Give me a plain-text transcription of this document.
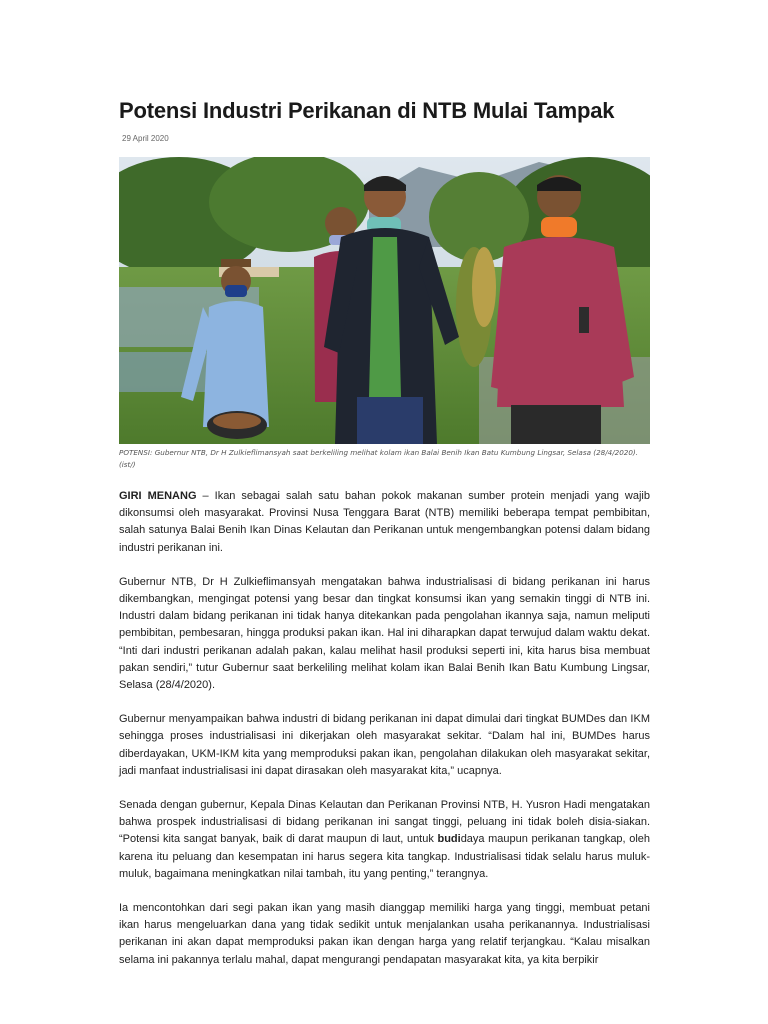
Potensi Industri Perikanan di NTB Mulai Tampak
29 April 2020
POTENSI: Gubernur NTB, Dr H Zulkieflimansyah saat berkeliling melihat kolam ikan Balai Benih Ikan Batu Kumbung Lingsar, Selasa (28/4/2020). (ist/)

GIRI MENANG – Ikan sebagai salah satu bahan pokok makanan sumber protein menjadi yang wajib dikonsumsi oleh masyarakat. Provinsi Nusa Tenggara Barat (NTB) memiliki beberapa tempat pembibitan, salah satunya Balai Benih Ikan Dinas Kelautan dan Perikanan untuk mengembangkan potensi dalam bidang industri perikanan ini.

Gubernur NTB, Dr H Zulkieflimansyah mengatakan bahwa industrialisasi di bidang perikanan ini harus dikembangkan, mengingat potensi yang besar dan tingkat konsumsi ikan yang semakin tinggi di NTB ini. Industri dalam bidang perikanan ini tidak hanya ditekankan pada pengolahan ikannya saja, namun meliputi pembibitan, pembesaran, hingga produksi pakan ikan. Hal ini diharapkan dapat terwujud dalam waktu dekat. “Inti dari industri perikanan adalah pakan, kalau melihat hasil produksi seperti ini, kita harus bisa membuat pakan sendiri,” tutur Gubernur saat berkeliling melihat kolam ikan Balai Benih Ikan Batu Kumbung Lingsar, Selasa (28/4/2020).

Gubernur menyampaikan bahwa industri di bidang perikanan ini dapat dimulai dari tingkat BUMDes dan IKM sehingga proses industrialisasi ini dikerjakan oleh masyarakat sekitar. “Dalam hal ini, BUMDes harus diberdayakan, UKM-IKM kita yang memproduksi pakan ikan, pengolahan dilakukan oleh masyarakat sekitar, jadi manfaat industrialisasi ini dapat dirasakan oleh masyarakat kita,” ucapnya.

Senada dengan gubernur, Kepala Dinas Kelautan dan Perikanan Provinsi NTB, H. Yusron Hadi mengatakan bahwa prospek industrialisasi di bidang perikanan ini sangat tinggi, peluang ini tidak boleh disia-siakan. “Potensi kita sangat banyak, baik di darat maupun di laut, untuk budidaya maupun perikanan tangkap, oleh karena itu peluang dan kesempatan ini harus segera kita tangkap. Industrialisasi tidak selalu harus muluk-muluk, bagaimana meningkatkan nilai tambah, itu yang penting,” terangnya.

Ia mencontohkan dari segi pakan ikan yang masih dianggap memiliki harga yang tinggi, membuat petani ikan harus mengeluarkan dana yang tidak sedikit untuk menjalankan usaha perikanannya. Industrialisasi perikanan ini akan dapat memproduksi pakan ikan dengan harga yang relatif terjangkau. “Kalau misalkan selama ini pakannya terlalu mahal, dapat mengurangi pendapatan masyarakat kita, ya kita berpikir
